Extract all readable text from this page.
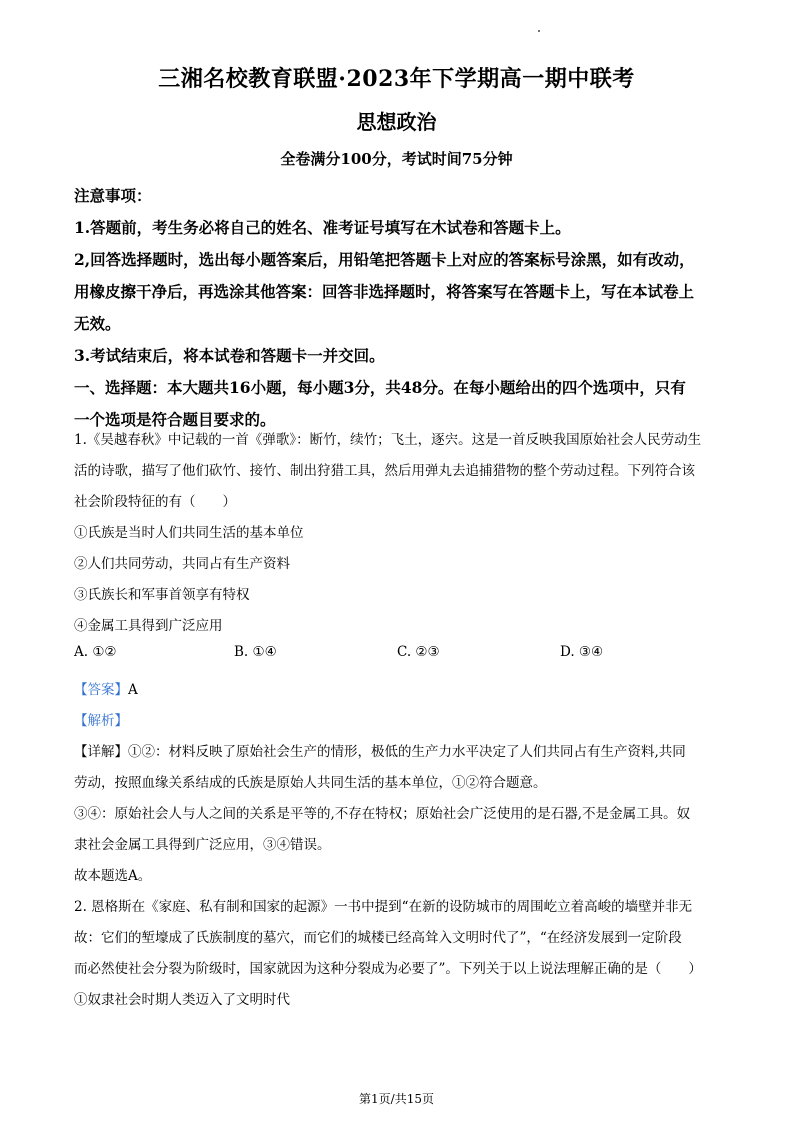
三湘名校教育联盟·2023年下学期高一期中联考
思想政治
全卷满分100分，考试时间75分钟
注意事项：
1.答题前，考生务必将自己的姓名、准考证号填写在木试卷和答题卡上。
2,回答选择题时，选出每小题答案后，用铅笔把答题卡上对应的答案标号涂黑，如有改动，
用橡皮擦干净后，再选涂其他答案：回答非选择题时，将答案写在答题卡上，写在本试卷上
无效。
3.考试结束后，将本试卷和答题卡一并交回。
一、选择题：本大题共16小题，每小题3分，共48分。在每小题给出的四个选项中，只有
一个选项是符合题目要求的。
1.《吴越春秋》中记载的一首《弹歌》：断竹，续竹；飞土，逐宍。这是一首反映我国原始社会人民劳动生
活的诗歌，描写了他们砍竹、接竹、制出狩猎工具，然后用弹丸去追捕猎物的整个劳动过程。下列符合该
社会阶段特征的有（　　）
①氏族是当时人们共同生活的基本单位
②人们共同劳动，共同占有生产资料
③氏族长和军事首领享有特权
④金属工具得到广泛应用
A. ①②	B. ①④	C. ②③	D. ③④
【答案】A
【解析】
【详解】①②：材料反映了原始社会生产的情形，极低的生产力水平决定了人们共同占有生产资料,共同
劳动，按照血缘关系结成的氏族是原始人共同生活的基本单位，①②符合题意。
③④：原始社会人与人之间的关系是平等的,不存在特权；原始社会广泛使用的是石器,不是金属工具。奴
隶社会金属工具得到广泛应用，③④错误。
故本题选A。
2. 恩格斯在《家庭、私有制和国家的起源》一书中提到“在新的设防城市的周围屹立着高峻的墙壁并非无
故：它们的堑壕成了氏族制度的墓穴，而它们的城楼已经高耸入文明时代了”，“在经济发展到一定阶段
而必然使社会分裂为阶级时，国家就因为这种分裂成为必要了”。下列关于以上说法理解正确的是（　　）
①奴隶社会时期人类迈入了文明时代
第1页/共15页
